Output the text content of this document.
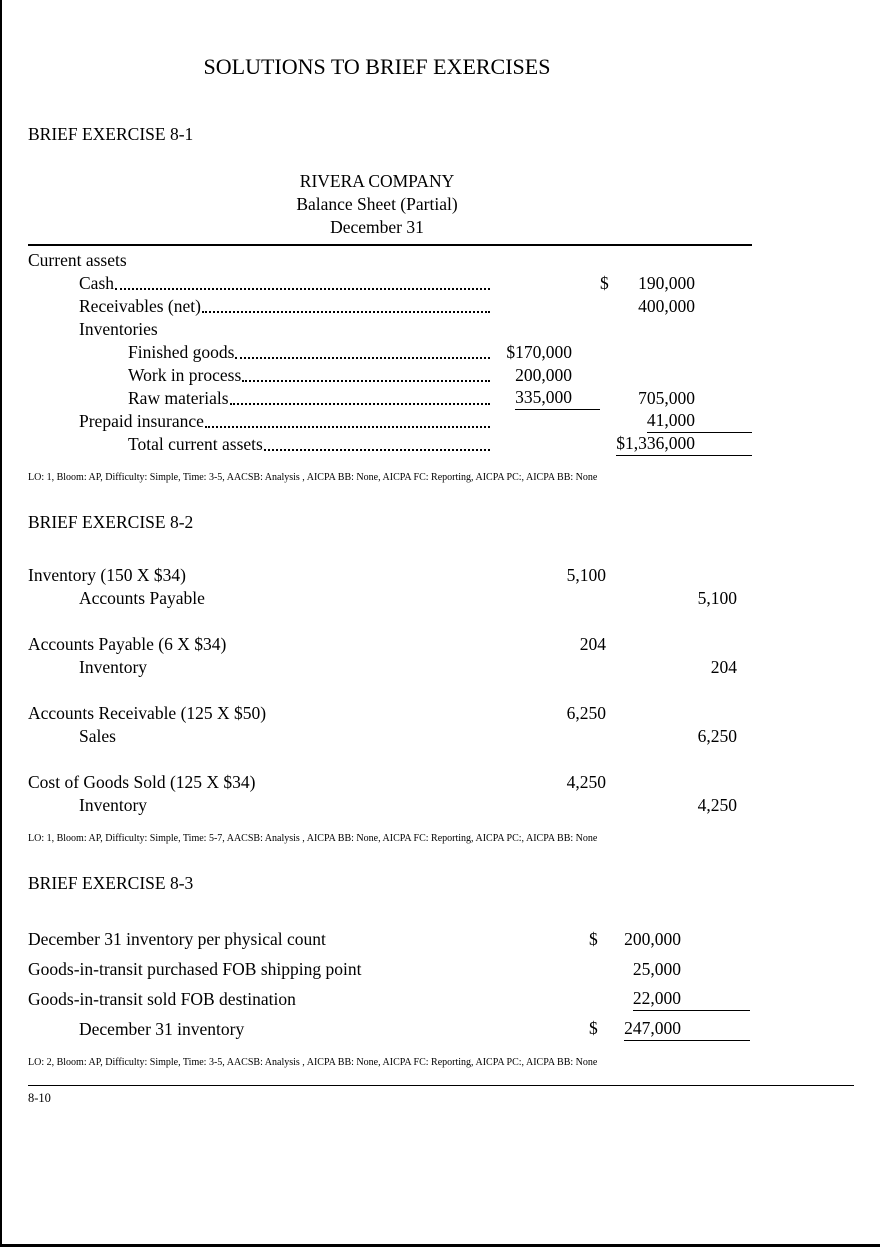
SOLUTIONS TO BRIEF EXERCISES
BRIEF EXERCISE 8-1
RIVERA COMPANY
Balance Sheet (Partial)
December 31
Current assets
Cash	$ 190,000
Receivables (net)	400,000
Inventories
Finished goods	$170,000
Work in process	200,000
Raw materials	335,000	705,000
Prepaid insurance	41,000
Total current assets	$1,336,000
LO: 1, Bloom: AP, Difficulty: Simple, Time: 3-5, AACSB: Analysis , AICPA BB: None, AICPA FC: Reporting, AICPA PC:, AICPA BB: None
BRIEF EXERCISE 8-2
Inventory (150 X $34)	5,100
Accounts Payable	5,100
Accounts Payable (6 X $34)	204
Inventory	204
Accounts Receivable (125 X $50)	6,250
Sales	6,250
Cost of Goods Sold (125 X $34)	4,250
Inventory	4,250
LO: 1, Bloom: AP, Difficulty: Simple, Time: 5-7, AACSB: Analysis , AICPA BB: None, AICPA FC: Reporting, AICPA PC:, AICPA BB: None
BRIEF EXERCISE 8-3
December 31 inventory per physical count	$ 200,000
Goods-in-transit purchased FOB shipping point	25,000
Goods-in-transit sold FOB destination	22,000
December 31 inventory	$ 247,000
LO: 2, Bloom: AP, Difficulty: Simple, Time: 3-5, AACSB: Analysis , AICPA BB: None, AICPA FC: Reporting, AICPA PC:, AICPA BB: None
8-10
